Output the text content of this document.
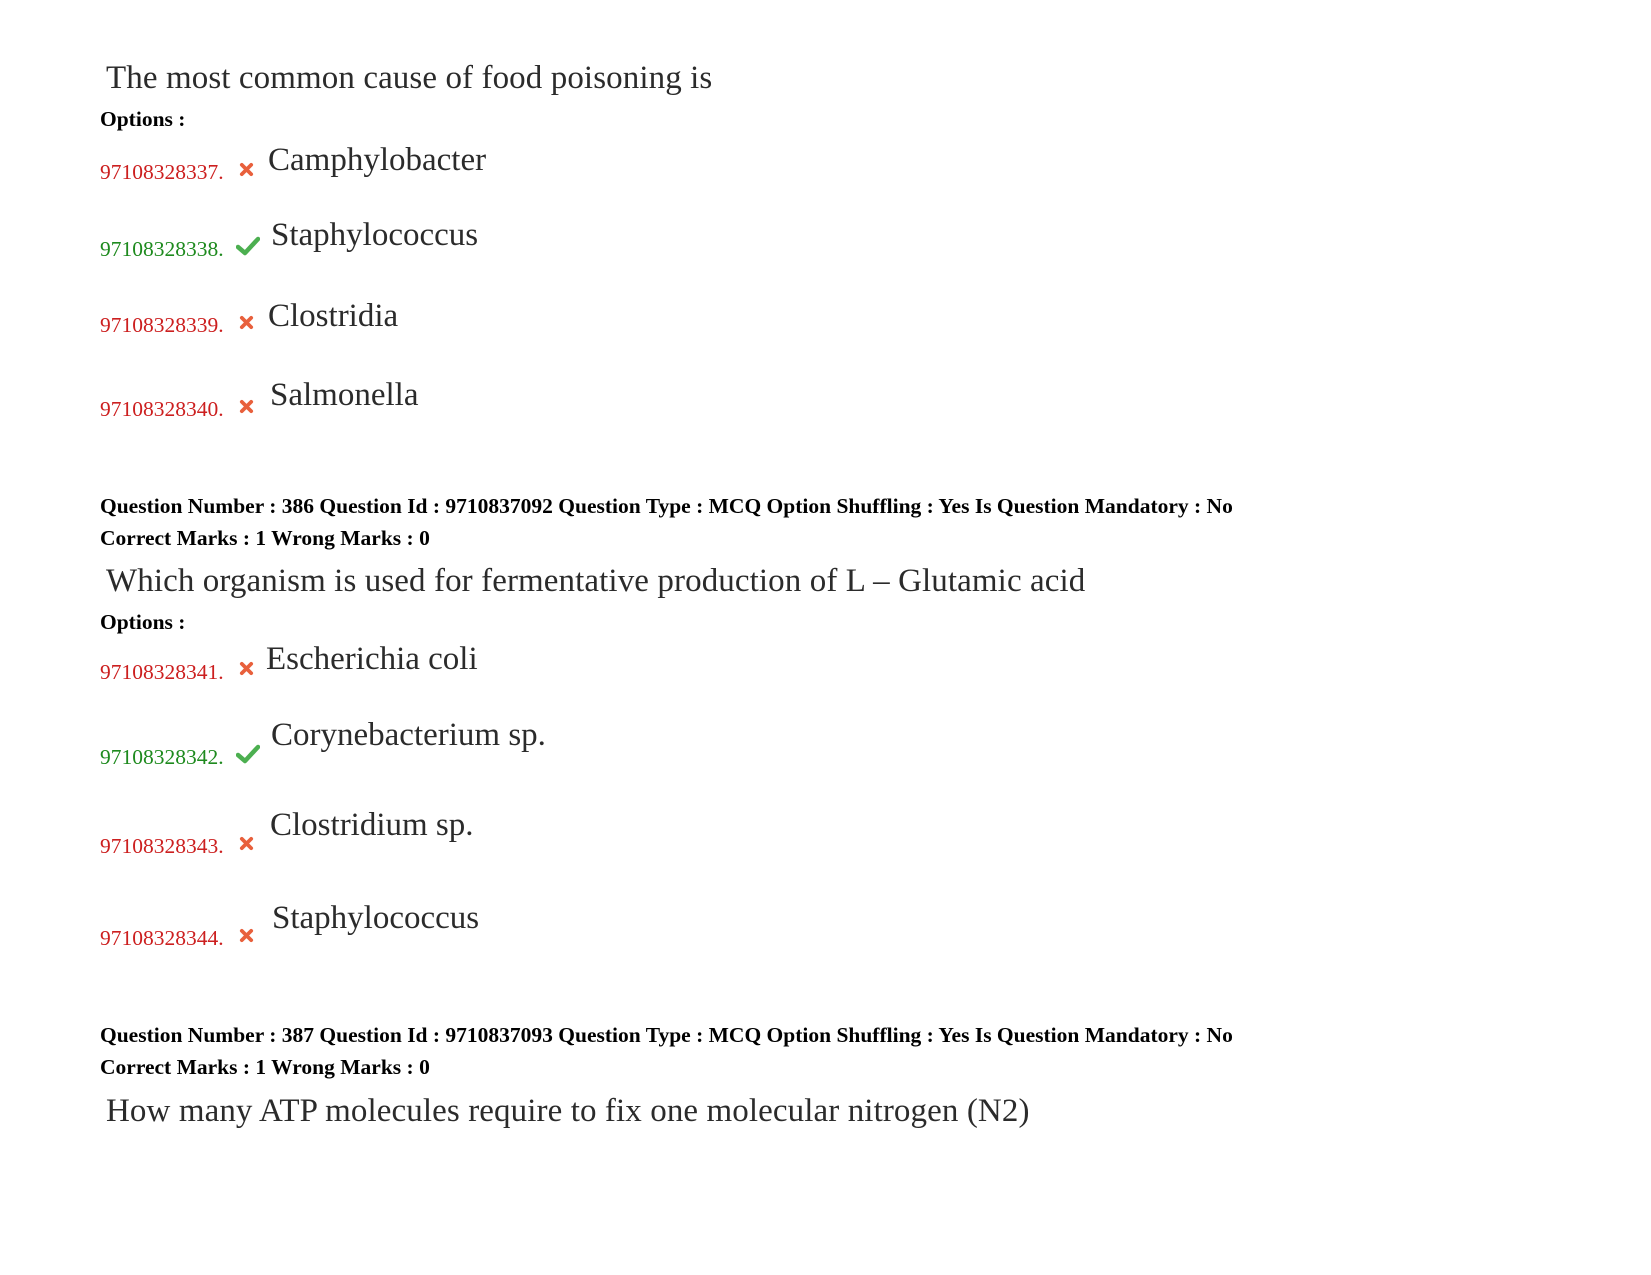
The most common cause of food poisoning is
Options :
97108328337. Camphylobacter
97108328338. Staphylococcus
97108328339. Clostridia
97108328340. Salmonella
Question Number : 386 Question Id : 9710837092 Question Type : MCQ Option Shuffling : Yes Is Question Mandatory : No
Correct Marks : 1 Wrong Marks : 0
Which organism is used for fermentative production of L – Glutamic acid
Options :
97108328341. Escherichia coli
97108328342.
Corynebacterium sp.
97108328343.
Clostridium sp.
97108328344.
Staphylococcus
Question Number : 387 Question Id : 9710837093 Question Type : MCQ Option Shuffling : Yes Is Question Mandatory : No
Correct Marks : 1 Wrong Marks : 0
How many ATP molecules require to fix one molecular nitrogen (N2)
